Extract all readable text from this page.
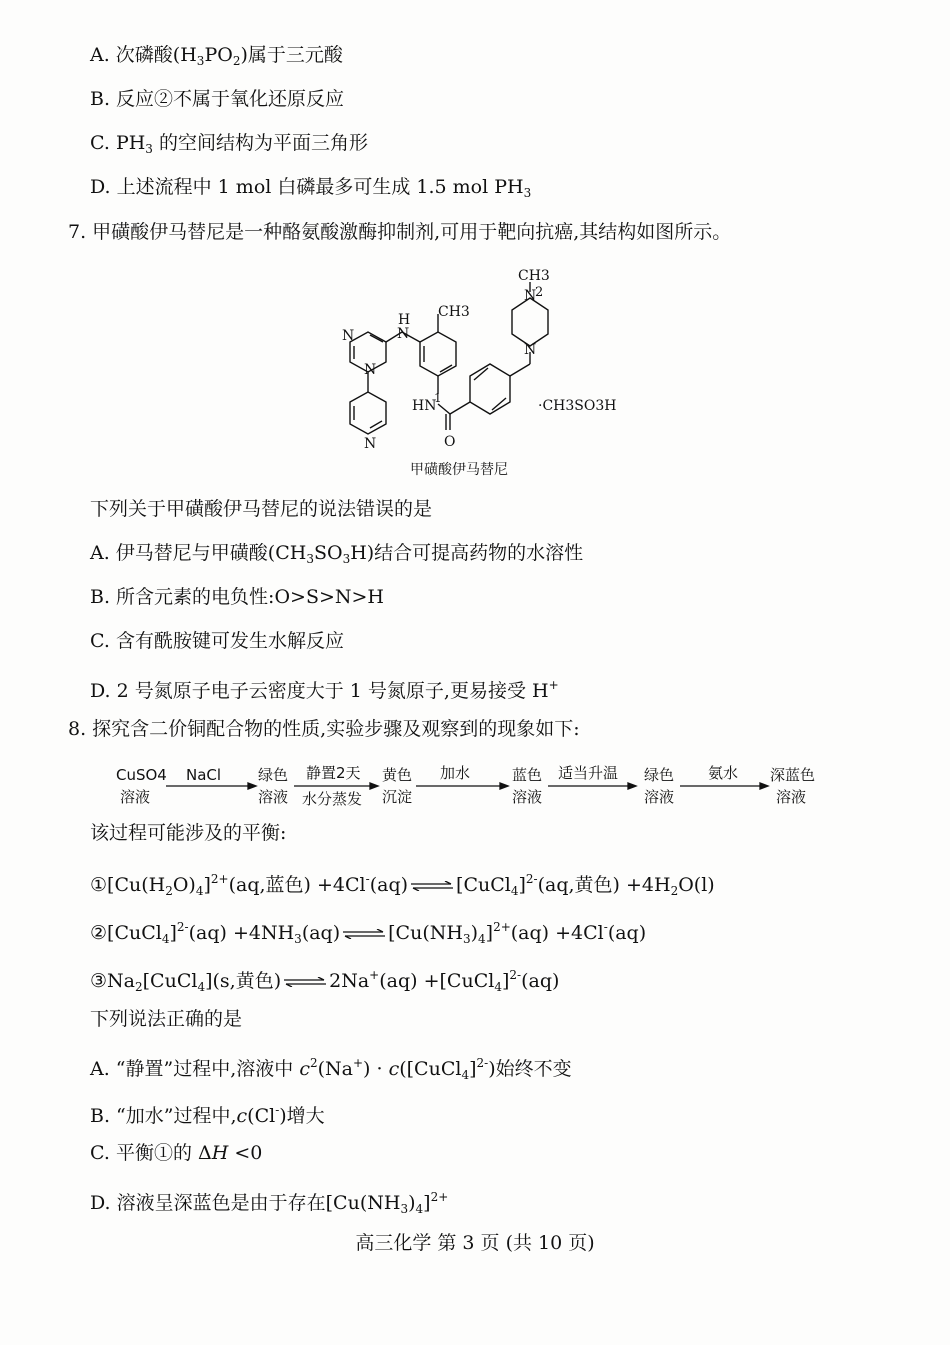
A. 次磷酸$(H_3PO_2)$属于三元酸
B. 反应②不属于氧化还原反应
C. $PH_3$ 的空间结构为平面三角形
D. 上述流程中 1 mol 白磷最多可生成 1.5 mol $PH_3$
7. 甲磺酸伊马替尼是一种酪氨酸激酶抑制剂,可用于靶向抗癌,其结构如图所示。
CH3
N
2
N
H
N
CH3
N
N
N
HN
1
O
·CH3SO3H
甲磺酸伊马替尼
下列关于甲磺酸伊马替尼的说法错误的是
A. 伊马替尼与甲磺酸$(CH_3SO_3H)$结合可提高药物的水溶性
B. 所含元素的电负性:O>S>N>H
C. 含有酰胺键可发生水解反应
D. 2 号氮原子电子云密度大于 1 号氮原子,更易接受 H+
8. 探究含二价铜配合物的性质,实验步骤及观察到的现象如下:
CuSO4
溶液
NaCl 绿色
溶液
静置2天
水分蒸发
黄色
沉淀
加水	蓝色
溶液
适当升温 绿色
溶液
氨水 深蓝色
溶液
该过程可能涉及的平衡:
$①[Cu(H_2O)_4]^{2+}(aq$,蓝色) +4Cl-(aq) ⇌ [CuCl$_4$]$^{2-}$(aq,黄色) $+4H_2O(l)$
②[CuCl$_4$]$^{2-}$(aq) $+4NH_3(aq)$ ⇌ $[Cu(NH_3)_4]^{2+}(aq) +4Cl^-(aq)$
$③Na_2[CuCl_4](s$,黄色) ⇌ 2Na+(aq) +[CuCl$_4$]$^{2-}$(aq)
下列说法正确的是
A. “静置”过程中,溶液中 $c^2(Na^+)$ · c([CuCl$_4$]$^{2-}$)始终不变
B. “加水”过程中,c(Cl-)增大
C. 平衡①的 ΔH <0
D. 溶液呈深蓝色是由于存在$[Cu(NH_3)_4]^{2+}$
高三化学 第 3 页 (共 10 页)
